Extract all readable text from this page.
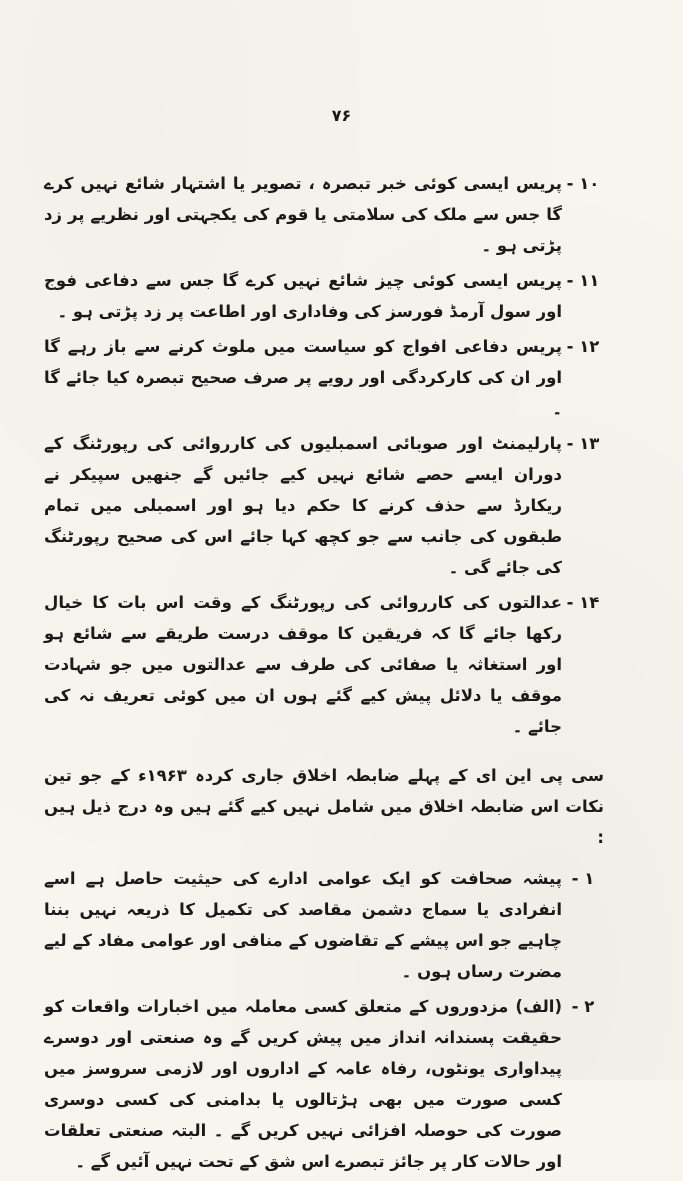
۷۶
۱۰ -
پریس ایسی کوئی خبر تبصرہ ، تصویر یا اشتہار شائع نہیں کرے گا جس سے ملک کی سلامتی یا قوم کی یکجہتی اور نظریے پر زد پڑتی ہو ۔
۱۱ -
پریس ایسی کوئی چیز شائع نہیں کرے گا جس سے دفاعی فوج اور سول آرمڈ فورسز کی وفاداری اور اطاعت پر زد پڑتی ہو ۔
۱۲ -
پریس دفاعی افواج کو سیاست میں ملوث کرنے سے باز رہے گا اور ان کی کارکردگی اور رویے پر صرف صحیح تبصرہ کیا جائے گا ۔
۱۳ -
پارلیمنٹ اور صوبائی اسمبلیوں کی کارروائی کی رپورٹنگ کے دوران ایسے حصے شائع نہیں کیے جائیں گے جنھیں سپیکر نے ریکارڈ سے حذف کرنے کا حکم دیا ہو اور اسمبلی میں تمام طبقوں کی جانب سے جو کچھ کہا جائے اس کی صحیح رپورٹنگ کی جائے گی ۔
۱۴ -
عدالتوں کی کارروائی کی رپورٹنگ کے وقت اس بات کا خیال رکھا جائے گا کہ فریقین کا موقف درست طریقے سے شائع ہو اور استغاثہ یا صفائی کی طرف سے عدالتوں میں جو شہادت موقف یا دلائل پیش کیے گئے ہوں ان میں کوئی تعریف نہ کی جائے ۔
سی پی این ای کے پہلے ضابطہ اخلاق جاری کردہ ۱۹۶۳ء کے جو تین نکات اس ضابطہ اخلاق میں شامل نہیں کیے گئے ہیں وہ درج ذیل ہیں :
۱ -
پیشہ صحافت کو ایک عوامی ادارے کی حیثیت حاصل ہے اسے انفرادی یا سماج دشمن مقاصد کی تکمیل کا ذریعہ نہیں بننا چاہیے جو اس پیشے کے تقاضوں کے منافی اور عوامی مفاد کے لیے مضرت رساں ہوں ۔
۲ -
(الف) مزدوروں کے متعلق کسی معاملہ میں اخبارات واقعات کو حقیقت پسندانہ انداز میں پیش کریں گے وہ صنعتی اور دوسرے پیداواری یونٹوں، رفاہ عامہ کے اداروں اور لازمی سروسز میں کسی صورت میں بھی ہڑتالوں یا بدامنی کی کسی دوسری صورت کی حوصلہ افزائی نہیں کریں گے ۔ البتہ صنعتی تعلقات اور حالات کار پر جائز تبصرے اس شق کے تحت نہیں آئیں گے ۔
